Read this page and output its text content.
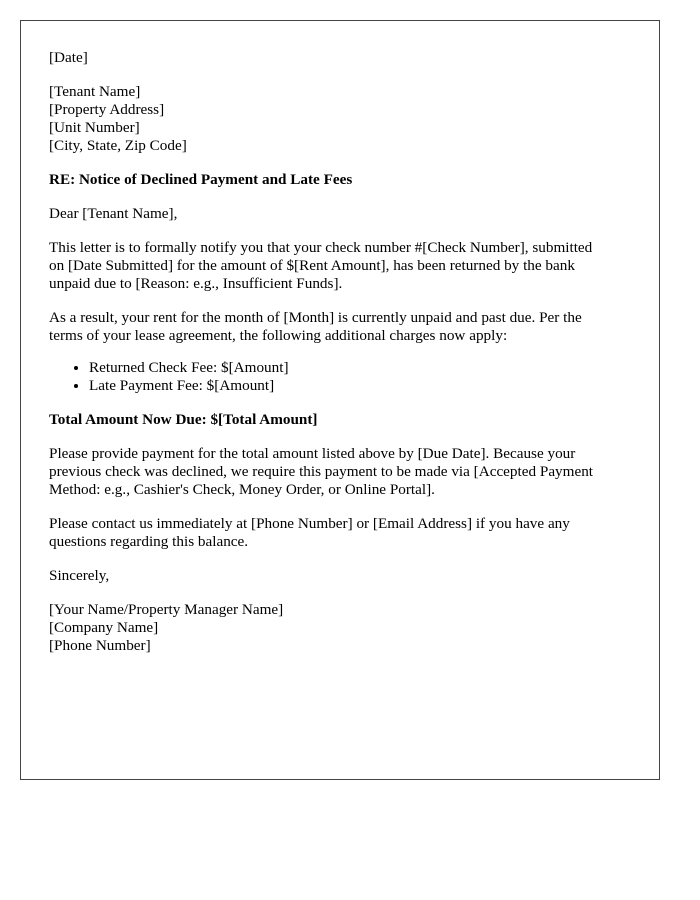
[Date]
[Tenant Name]
[Property Address]
[Unit Number]
[City, State, Zip Code]
RE: Notice of Declined Payment and Late Fees
Dear [Tenant Name],
This letter is to formally notify you that your check number #[Check Number], submitted
on [Date Submitted] for the amount of $[Rent Amount], has been returned by the bank
unpaid due to [Reason: e.g., Insufficient Funds].
As a result, your rent for the month of [Month] is currently unpaid and past due. Per the
terms of your lease agreement, the following additional charges now apply:
• Returned Check Fee: $[Amount]
• Late Payment Fee: $[Amount]
Total Amount Now Due: $[Total Amount]
Please provide payment for the total amount listed above by [Due Date]. Because your
previous check was declined, we require this payment to be made via [Accepted Payment
Method: e.g., Cashier's Check, Money Order, or Online Portal].
Please contact us immediately at [Phone Number] or [Email Address] if you have any
questions regarding this balance.
Sincerely,
[Your Name/Property Manager Name]
[Company Name]
[Phone Number]
